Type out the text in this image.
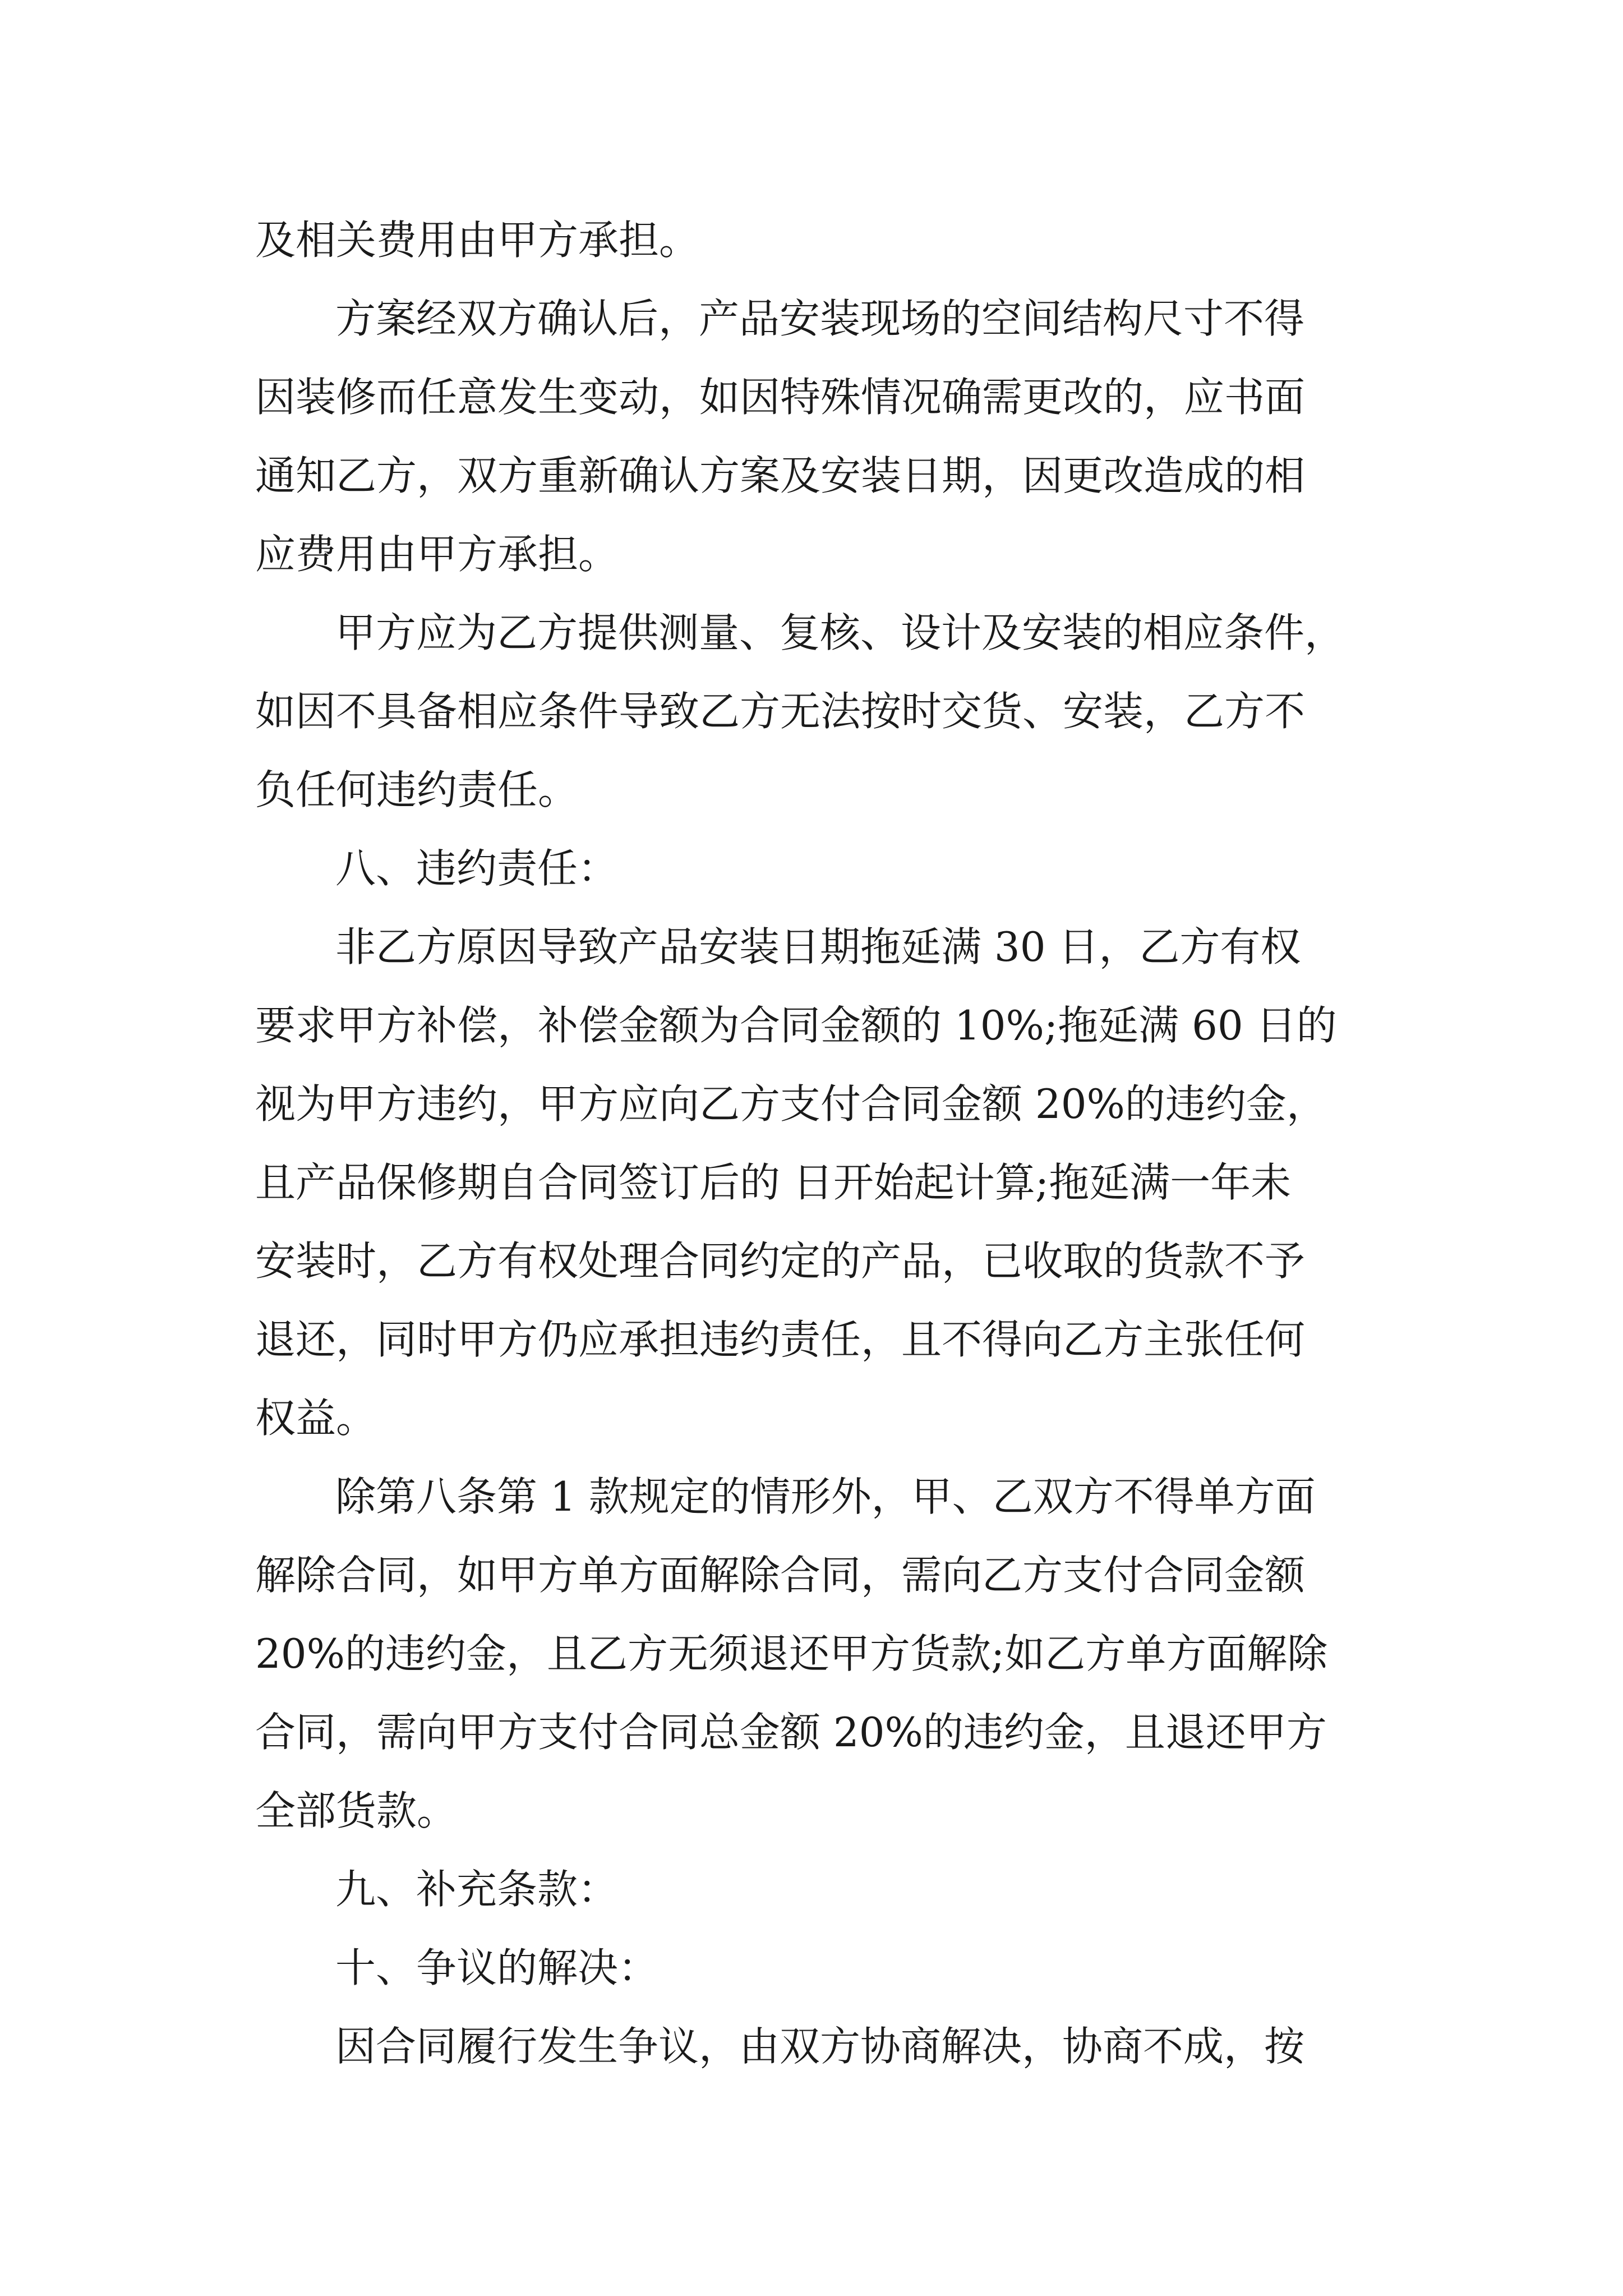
及相关费用由甲方承担。
方案经双方确认后，产品安装现场的空间结构尺寸不得
因装修而任意发生变动，如因特殊情况确需更改的，应书面
通知乙方，双方重新确认方案及安装日期，因更改造成的相
应费用由甲方承担。
甲方应为乙方提供测量、复核、设计及安装的相应条件，
如因不具备相应条件导致乙方无法按时交货、安装，乙方不
负任何违约责任。
八、违约责任：
非乙方原因导致产品安装日期拖延满 30 日，乙方有权
要求甲方补偿，补偿金额为合同金额的 10%;拖延满 60 日的
视为甲方违约，甲方应向乙方支付合同金额 20%的违约金，
且产品保修期自合同签订后的 日开始起计算;拖延满一年未
安装时，乙方有权处理合同约定的产品，已收取的货款不予
退还，同时甲方仍应承担违约责任，且不得向乙方主张任何
权益。
除第八条第 1 款规定的情形外，甲、乙双方不得单方面
解除合同，如甲方单方面解除合同，需向乙方支付合同金额
20%的违约金，且乙方无须退还甲方货款;如乙方单方面解除
合同，需向甲方支付合同总金额 20%的违约金，且退还甲方
全部货款。
九、补充条款：
十、争议的解决：
因合同履行发生争议，由双方协商解决，协商不成，按
